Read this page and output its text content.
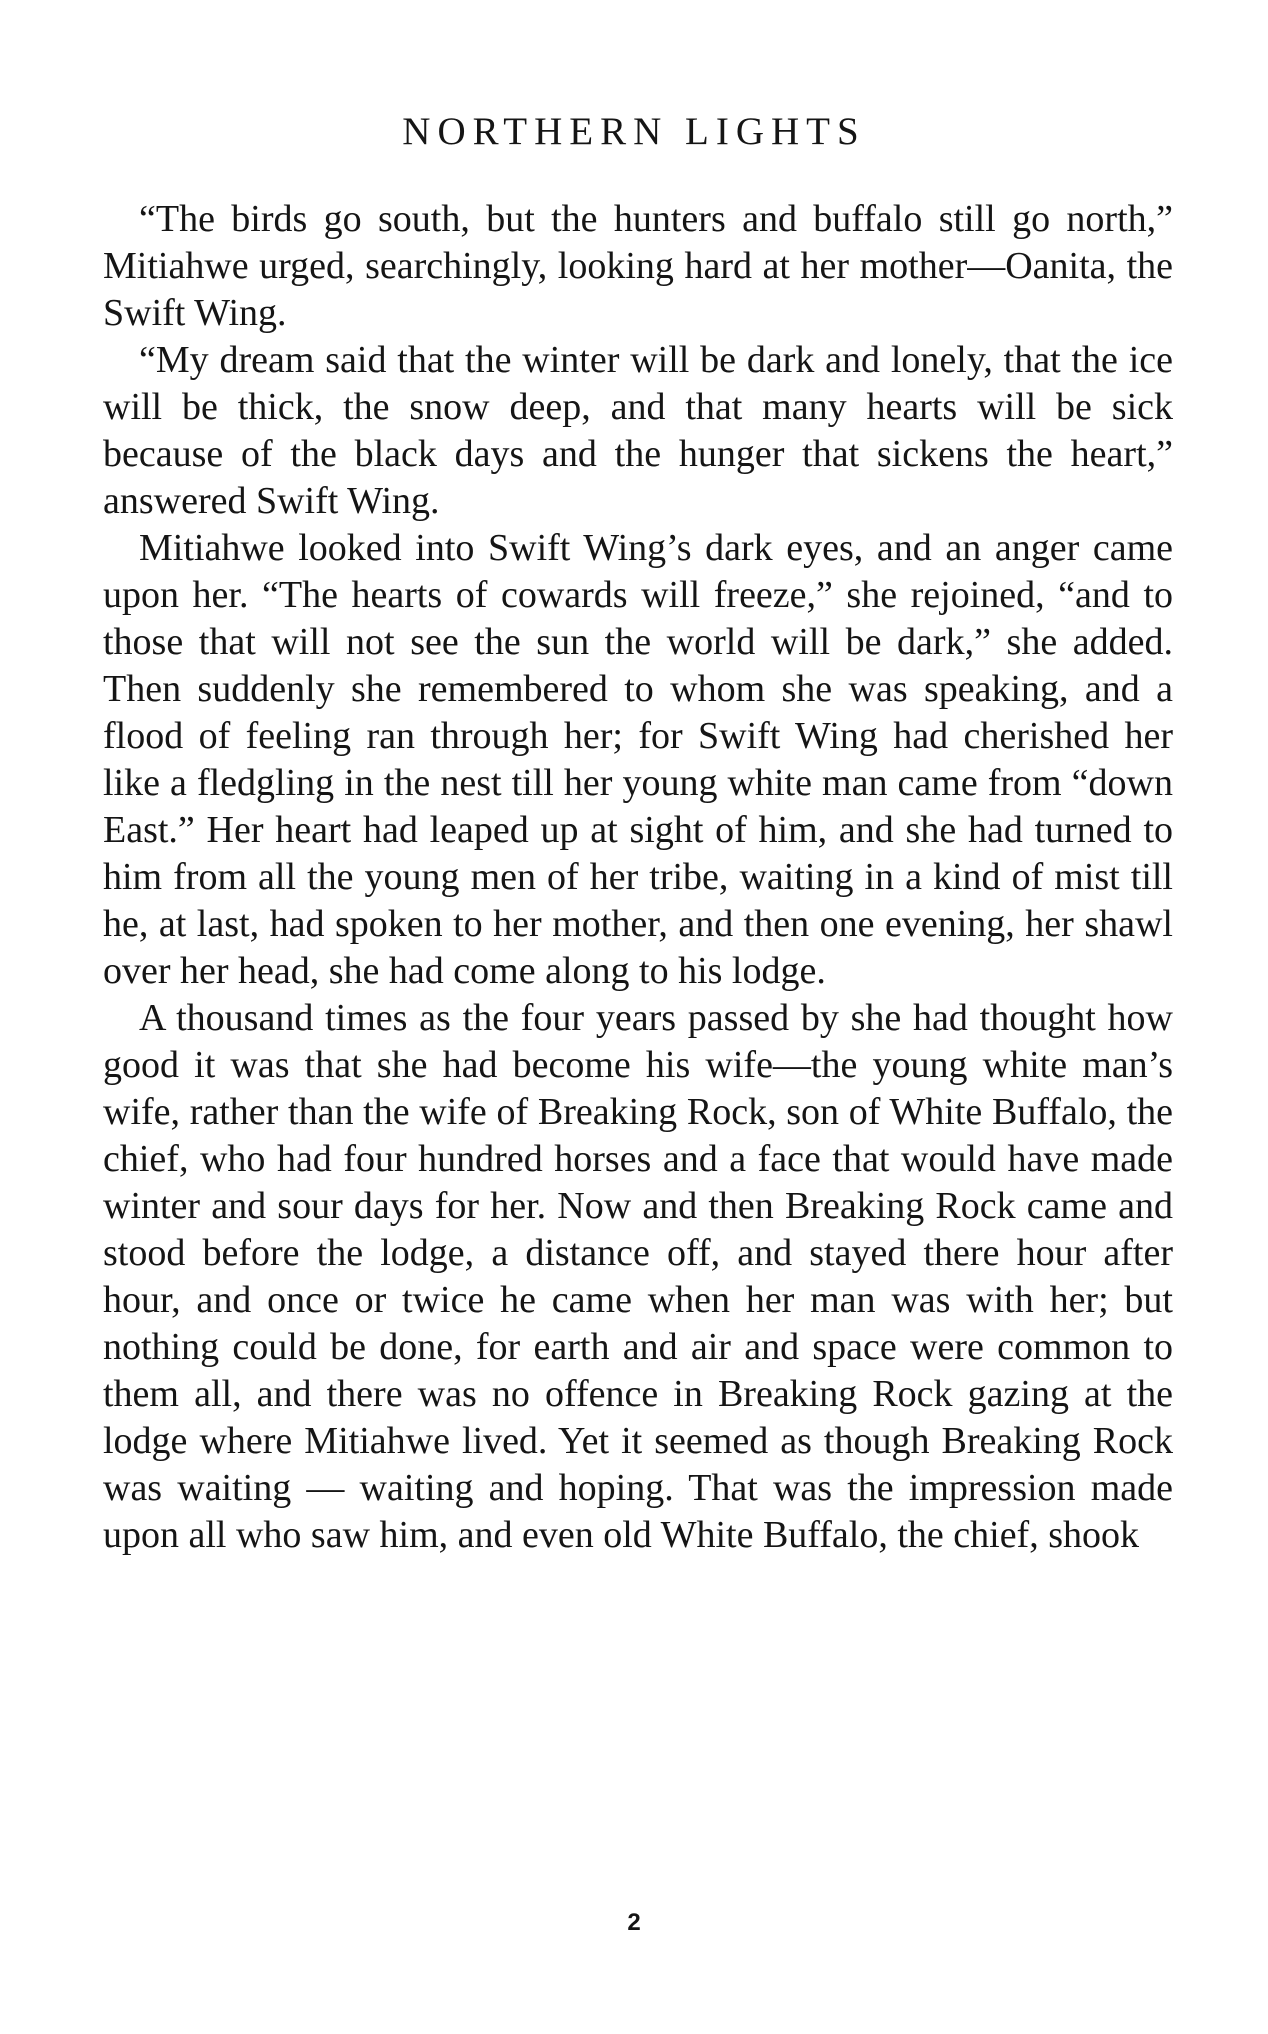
NORTHERN LIGHTS

“The birds go south, but the hunters and buffalo still go north,” Mitiahwe urged, searchingly, looking hard at her mother—Oanita, the Swift Wing.

“My dream said that the winter will be dark and lonely, that the ice will be thick, the snow deep, and that many hearts will be sick because of the black days and the hunger that sickens the heart,” answered Swift Wing.

Mitiahwe looked into Swift Wing’s dark eyes, and an anger came upon her. “The hearts of cowards will freeze,” she rejoined, “and to those that will not see the sun the world will be dark,” she added. Then suddenly she remembered to whom she was speaking, and a flood of feeling ran through her; for Swift Wing had cherished her like a fledgling in the nest till her young white man came from “down East.” Her heart had leaped up at sight of him, and she had turned to him from all the young men of her tribe, waiting in a kind of mist till he, at last, had spoken to her mother, and then one evening, her shawl over her head, she had come along to his lodge.

A thousand times as the four years passed by she had thought how good it was that she had become his wife—the young white man’s wife, rather than the wife of Breaking Rock, son of White Buffalo, the chief, who had four hundred horses and a face that would have made winter and sour days for her. Now and then Breaking Rock came and stood before the lodge, a distance off, and stayed there hour after hour, and once or twice he came when her man was with her; but nothing could be done, for earth and air and space were common to them all, and there was no offence in Breaking Rock gazing at the lodge where Mitiahwe lived. Yet it seemed as though Breaking Rock was waiting — waiting and hoping. That was the impression made upon all who saw him, and even old White Buffalo, the chief, shook

2
